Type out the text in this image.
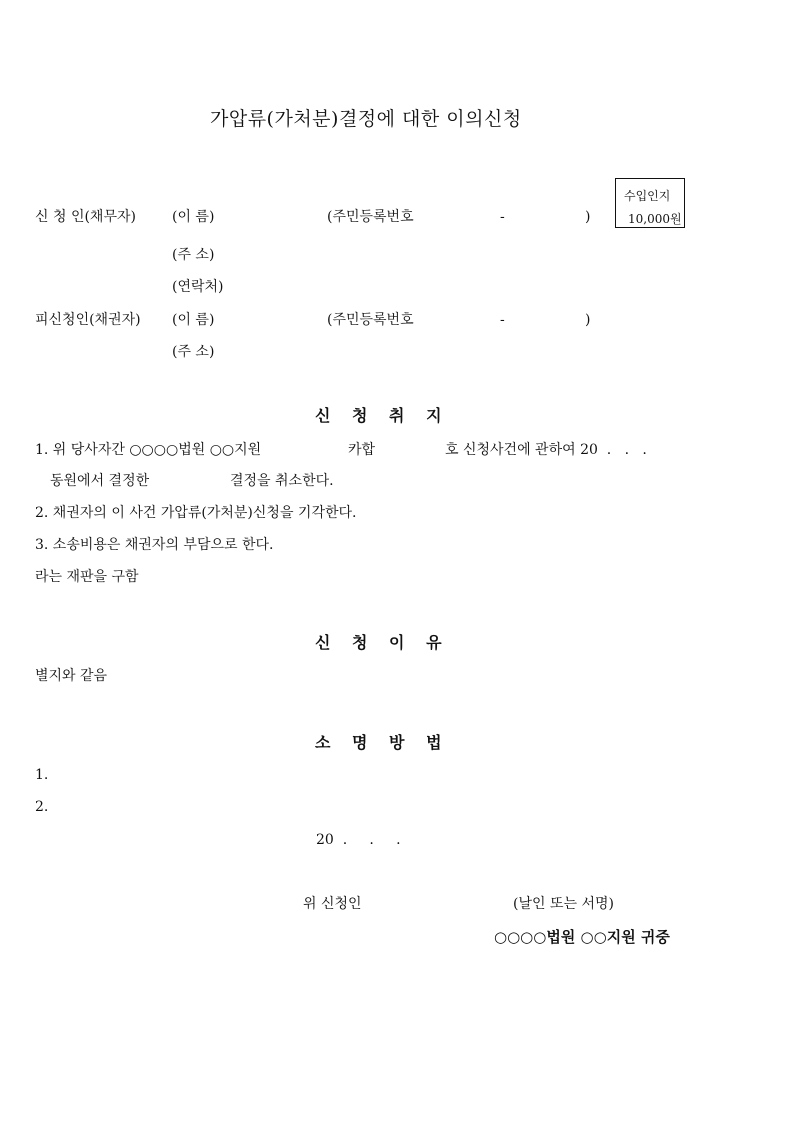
가압류(가처분)결정에 대한 이의신청
수입인지
10,000원
신 청 인(채무자)	(이 름)	(주민등록번호	-	)
(주 소)
(연락처)
피신청인(채권자) (이 름)	(주민등록번호	-	)
(주 소)
신 청 취 지
1. 위 당사자간 ○○○○법원 ○○지원	카합	호 신청사건에 관하여 20  .   .   .
동원에서 결정한	결정을 취소한다.
2. 채권자의 이 사건 가압류(가처분)신청을 기각한다.
3. 소송비용은 채권자의 부담으로 한다.
라는 재판을 구함
신 청 이 유
별지와 같음
소 명 방 법
1.
2.
20  .     .     .
위 신청인	(날인 또는 서명)
○○○○법원 ○○지원 귀중
